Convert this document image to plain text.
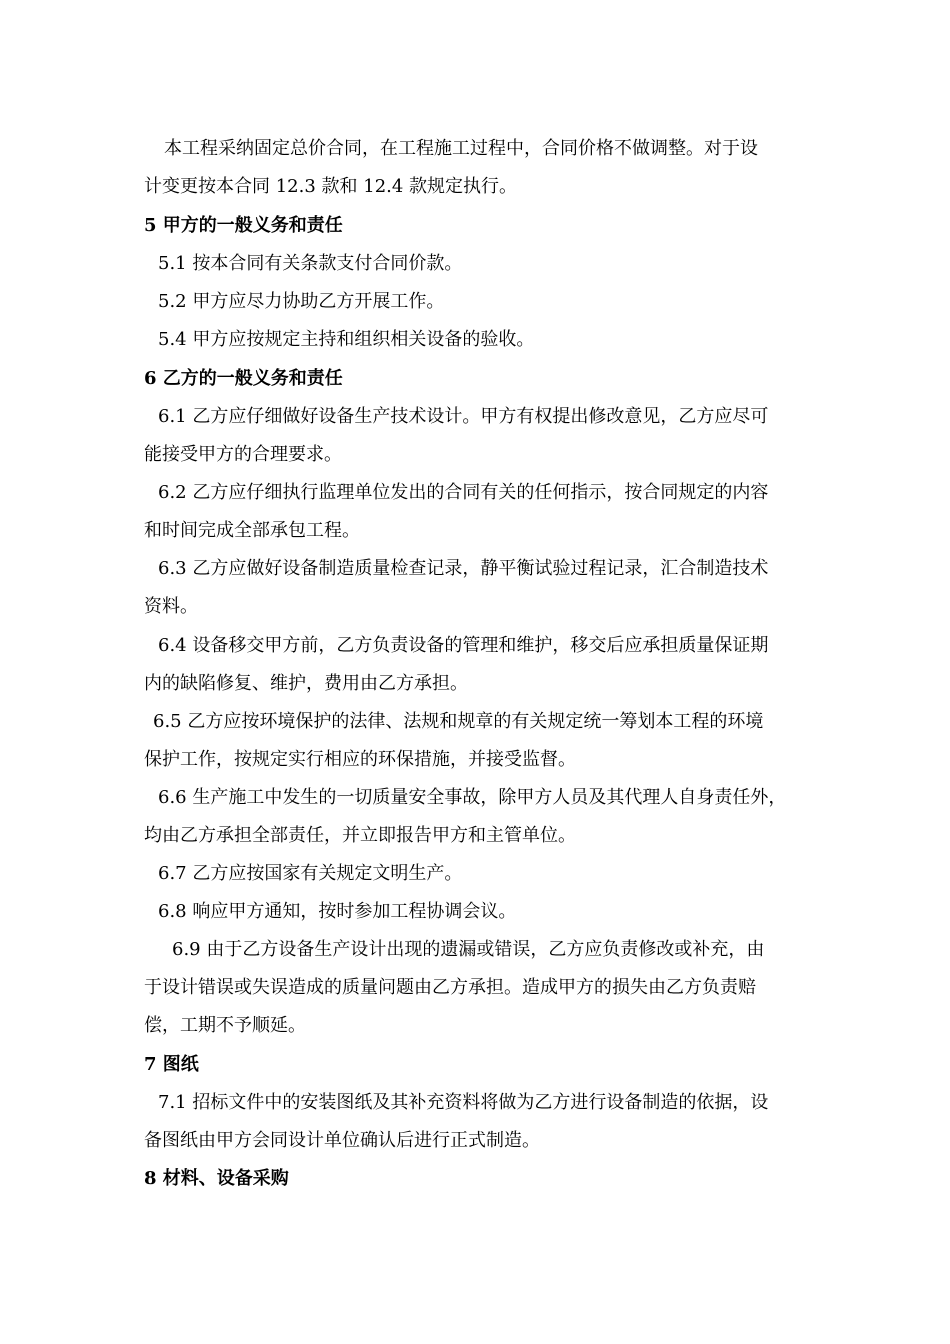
本工程采纳固定总价合同，在工程施工过程中，合同价格不做调整。对于设
计变更按本合同 12.3 款和 12.4 款规定执行。
5 甲方的一般义务和责任
5.1 按本合同有关条款支付合同价款。
5.2 甲方应尽力协助乙方开展工作。
5.4 甲方应按规定主持和组织相关设备的验收。
6 乙方的一般义务和责任
6.1 乙方应仔细做好设备生产技术设计。甲方有权提出修改意见，乙方应尽可
能接受甲方的合理要求。
6.2 乙方应仔细执行监理单位发出的合同有关的任何指示，按合同规定的内容
和时间完成全部承包工程。
6.3 乙方应做好设备制造质量检查记录，静平衡试验过程记录，汇合制造技术
资料。
6.4 设备移交甲方前，乙方负责设备的管理和维护，移交后应承担质量保证期
内的缺陷修复、维护，费用由乙方承担。
6.5 乙方应按环境保护的法律、法规和规章的有关规定统一筹划本工程的环境
保护工作，按规定实行相应的环保措施，并接受监督。
6.6 生产施工中发生的一切质量安全事故，除甲方人员及其代理人自身责任外，
均由乙方承担全部责任，并立即报告甲方和主管单位。
6.7 乙方应按国家有关规定文明生产。
6.8 响应甲方通知，按时参加工程协调会议。
6.9 由于乙方设备生产设计出现的遗漏或错误，乙方应负责修改或补充，由
于设计错误或失误造成的质量问题由乙方承担。造成甲方的损失由乙方负责赔
偿，工期不予顺延。
7 图纸
7.1 招标文件中的安装图纸及其补充资料将做为乙方进行设备制造的依据，设
备图纸由甲方会同设计单位确认后进行正式制造。
8 材料、设备采购
